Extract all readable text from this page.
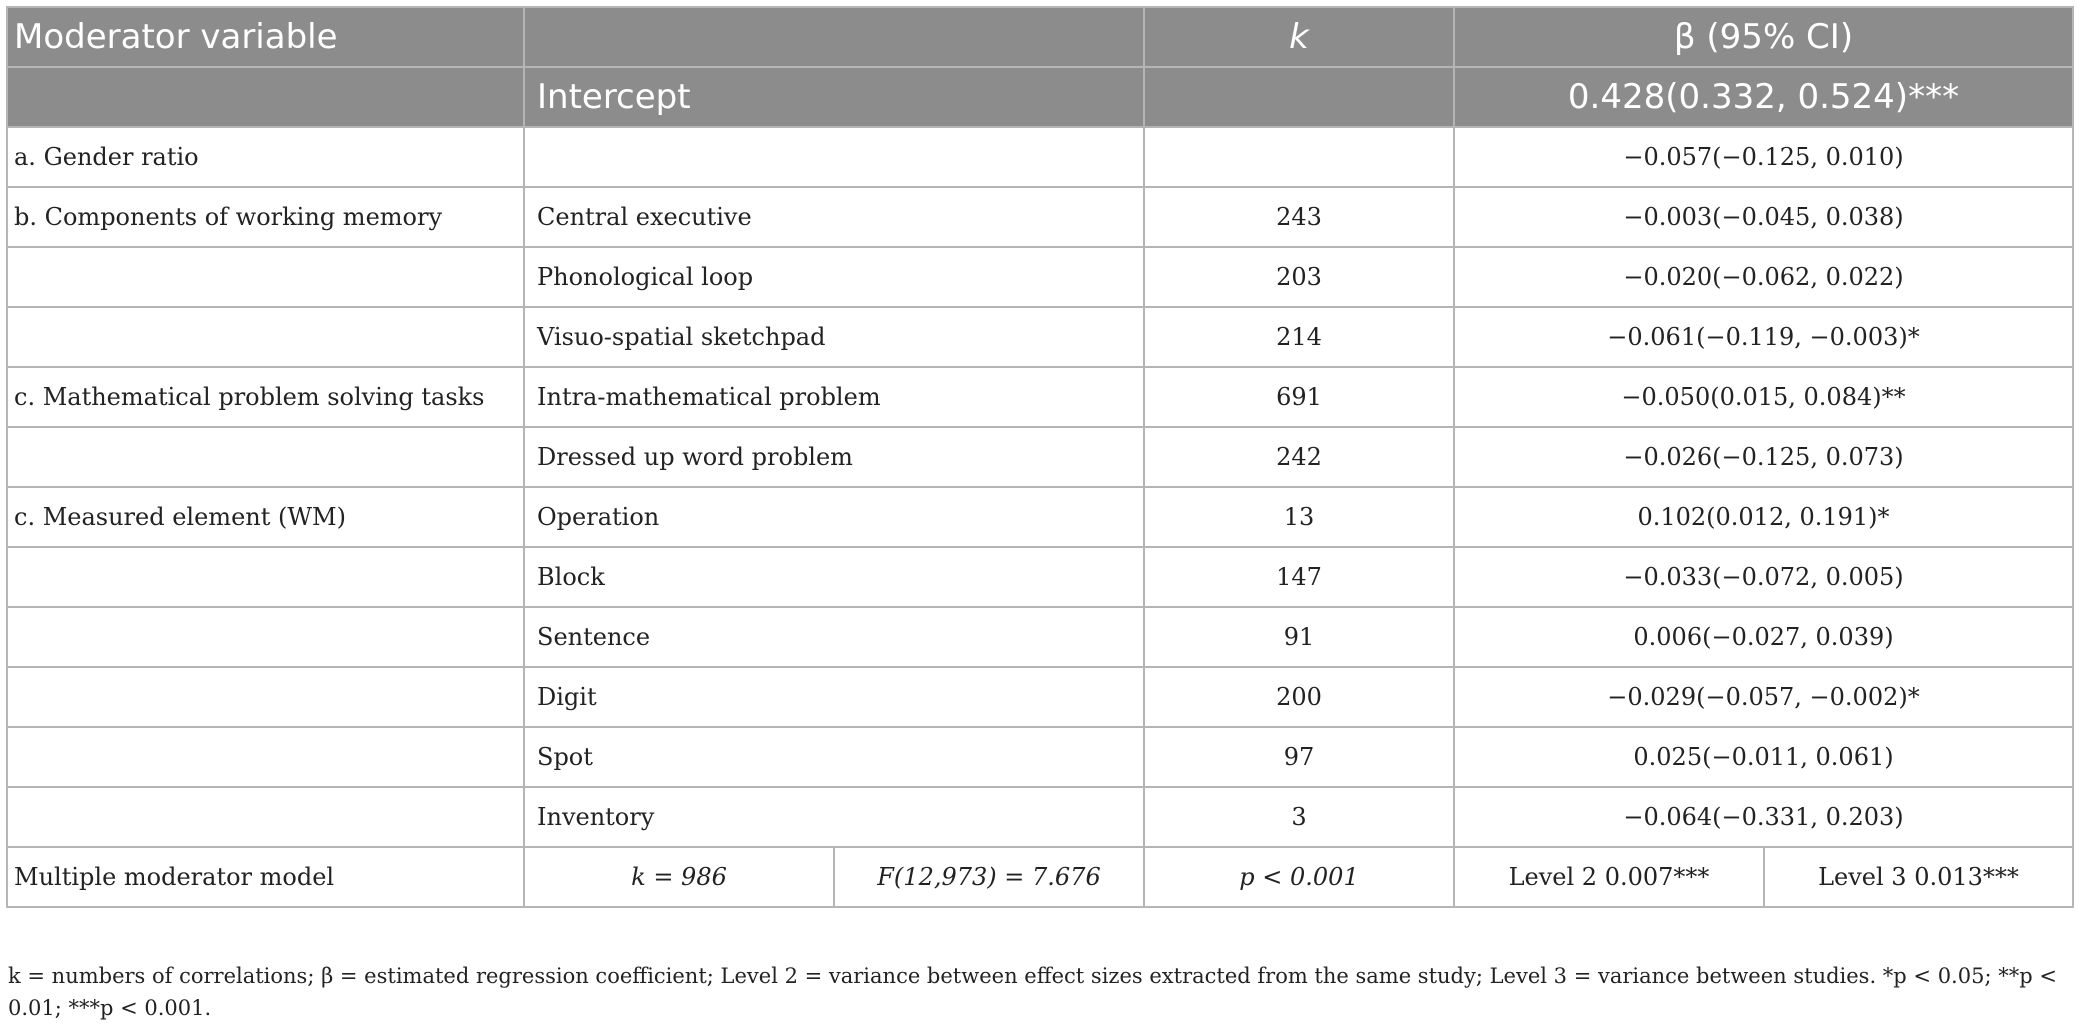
Moderator variable			k	β (95% CI)	
	Intercept			0.428(0.332, 0.524)***	
a. Gender ratio				−0.057(−0.125, 0.010)	
b. Components of working memory	Central executive		243	−0.003(−0.045, 0.038)	
	Phonological loop		203	−0.020(−0.062, 0.022)	
	Visuo-spatial sketchpad		214	−0.061(−0.119, −0.003)*	
c. Mathematical problem solving tasks	Intra-mathematical problem		691	−0.050(0.015, 0.084)**	
	Dressed up word problem		242	−0.026(−0.125, 0.073)	
c. Measured element (WM)	Operation		13	0.102(0.012, 0.191)*	
	Block		147	−0.033(−0.072, 0.005)	
	Sentence		91	0.006(−0.027, 0.039)	
	Digit		200	−0.029(−0.057, −0.002)*	
	Spot		97	0.025(−0.011, 0.061)	
	Inventory		3	−0.064(−0.331, 0.203)	
Multiple moderator model	k = 986	F(12,973) = 7.676	p < 0.001	Level 2 0.007***	Level 3 0.013***
k = numbers of correlations; β = estimated regression coefficient; Level 2 = variance between effect sizes extracted from the same study; Level 3 = variance between studies. *p < 0.05; **p < 0.01; ***p < 0.001.
